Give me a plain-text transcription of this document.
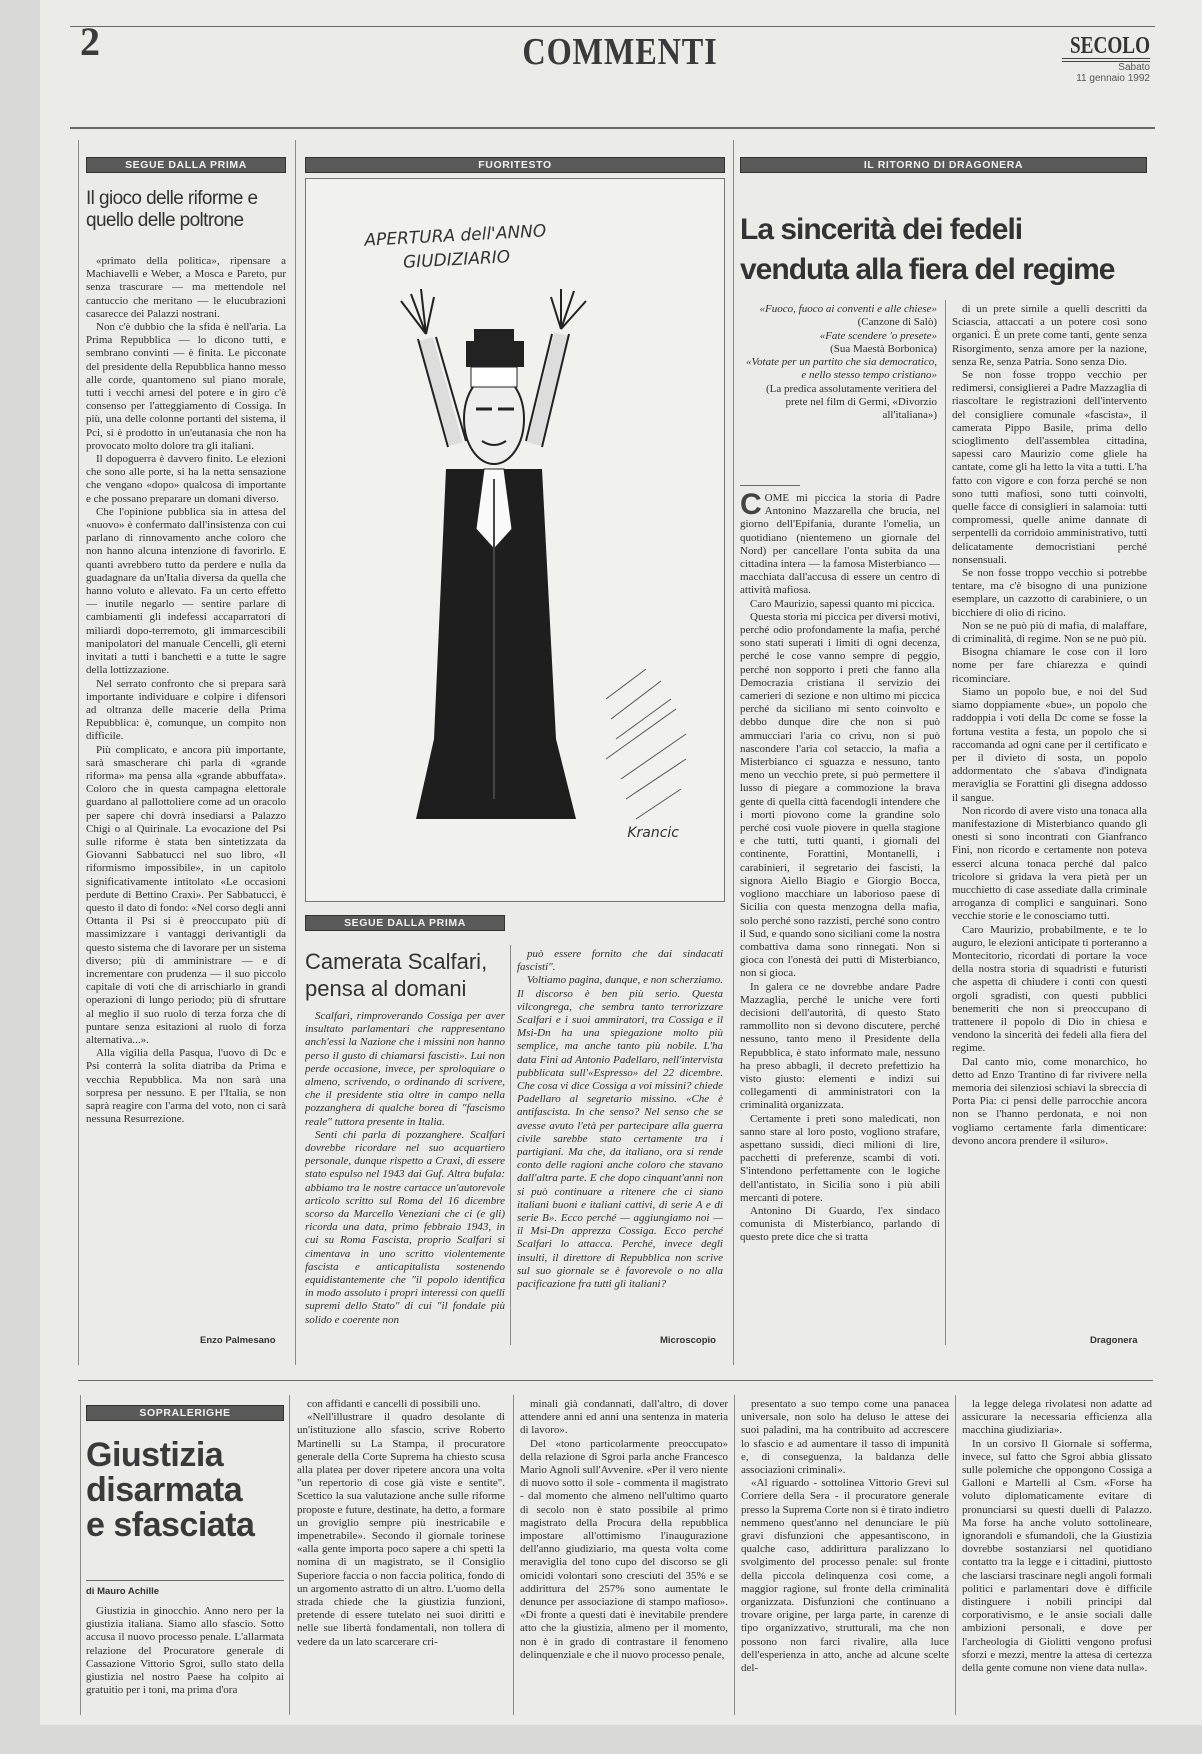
2	COMMENTI	SECOLO
Sabato
11 gennaio 1992
SEGUE DALLA PRIMA
Il gioco delle riforme e quello delle poltrone

«primato della politica», ripensare a Machiavelli e Weber, a Mosca e Pareto, pur senza trascurare — ma mettendole nel cantuccio che meritano — le elucubrazioni casarecce dei Palazzi nostrani.

Non c'è dubbio che la sfida è nell'aria. La Prima Repubblica — lo dicono tutti, e sembrano convinti — è finita. Le picconate del presidente della Repubblica hanno messo alle corde, quantomeno sul piano morale, tutti i vecchi arnesi del potere e in giro c'è consenso per l'atteggiamento di Cossiga. In più, una delle colonne portanti del sistema, il Pci, si è prodotto in un'eutanasia che non ha provocato molto dolore tra gli italiani.

Il dopoguerra è davvero finito. Le elezioni che sono alle porte, si ha la netta sensazione che vengano «dopo» qualcosa di importante e che possano preparare un domani diverso.

Che l'opinione pubblica sia in attesa del «nuovo» è confermato dall'insistenza con cui parlano di rinnovamento anche coloro che non hanno alcuna intenzione di favorirlo. E quanti avrebbero tutto da perdere e nulla da guadagnare da un'Italia diversa da quella che hanno voluto e allevato. Fa un certo effetto — inutile negarlo — sentire parlare di cambiamenti gli indefessi accaparratori di miliardi dopo-terremoto, gli immarcescibili manipolatori del manuale Cencelli, gli eterni invitati a tutti i banchetti e a tutte le sagre della lottizzazione.

Nel serrato confronto che si prepara sarà importante individuare e colpire i difensori ad oltranza delle macerie della Prima Repubblica: è, comunque, un compito non difficile.

Più complicato, e ancora più importante, sarà smascherare chi parla di «grande riforma» ma pensa alla «grande abbuffata». Coloro che in questa campagna elettorale guardano al pallottoliere come ad un oracolo per sapere chi dovrà insediarsi a Palazzo Chigi o al Quirinale. La evocazione del Psi sulle riforme è stata ben sintetizzata da Giovanni Sabbatucci nel suo libro, «Il riformismo impossibile», in un capitolo significativamente intitolato «Le occasioni perdute di Bettino Craxi». Per Sabbatucci, è questo il dato di fondo: «Nel corso degli anni Ottanta il Psi si è preoccupato più di massimizzare i vantaggi derivantigli da questo sistema che di lavorare per un sistema diverso; più di amministrare — e di incrementare con prudenza — il suo piccolo capitale di voti che di arrischiarlo in grandi operazioni di lungo periodo; più di sfruttare al meglio il suo ruolo di terza forza che di puntare senza esitazioni al ruolo di forza alternativa...».

Alla vigilia della Pasqua, l'uovo di Dc e Psi conterrà la solita diatriba da Prima e vecchia Repubblica. Ma non sarà una sorpresa per nessuno. E per l'Italia, se non saprà reagire con l'arma del voto, non ci sarà nessuna Resurrezione.

Enzo Palmesano
FUORITESTO
APERTURA dell'ANNO
GIUDIZIARIO
Krancic
SEGUE DALLA PRIMA
Camerata Scalfari,
pensa al domani

Scalfari, rimproverando Cossiga per aver insultato parlamentari che rappresentano anch'essi la Nazione che i missini non hanno perso il gusto di chiamarsi fascisti». Lui non perde occasione, invece, per sproloquiare o almeno, scrivendo, o ordinando di scrivere, che il presidente stia oltre in campo nella pozzanghera di qualche borea di "fascismo reale" tuttora presente in Italia.

Senti chi parla di pozzanghere. Scalfari dovrebbe ricordare nel suo acquartiero personale, dunque rispetto a Craxi, di essere stato espulso nel 1943 dai Guf. Altra bufala: abbiamo tra le nostre cartacce un'autorevole articolo scritto sul Roma del 16 dicembre scorso da Marcello Veneziani che ci (e gli) ricorda una data, primo febbraio 1943, in cui su Roma Fascista, proprio Scalfari si cimentava in uno scritto violentemente fascista e anticapitalista sostenendo equidistantemente che "il popolo identifica in modo assoluto i propri interessi con quelli supremi dello Stato" di cui "il fondale più solido e coerente non

può essere fornito che dai sindacati fascisti".

Voltiamo pagina, dunque, e non scherziamo. Il discorso è ben più serio. Questa vilcongrega, che sembra tanto terrorizzare Scalfari e i suoi ammiratori, tra Cossiga e il Msi-Dn ha una spiegazione molto più semplice, ma anche tanto più nobile. L'ha data Fini ad Antonio Padellaro, nell'intervista pubblicata sull'«Espresso» del 22 dicembre. Che cosa vi dice Cossiga a voi missini? chiede Padellaro al segretario missino. «Che è antifascista. In che senso? Nel senso che se avesse avuto l'età per partecipare alla guerra civile sarebbe stato certamente tra i partigiani. Ma che, da italiano, ora si rende conto delle ragioni anche coloro che stavano dall'altra parte. E che dopo cinquant'anni non si può continuare a ritenere che ci siano italiani buoni e italiani cattivi, di serie A e di serie B». Ecco perché — aggiungiamo noi — il Msi-Dn apprezza Cossiga. Ecco perché Scalfari lo attacca. Perché, invece degli insulti, il direttore di Repubblica non scrive sul suo giornale se è favorevole o no alla pacificazione fra tutti gli italiani?

Microscopio
IL RITORNO DI DRAGONERA
La sincerità dei fedeli
venduta alla fiera del regime
«Fuoco, fuoco ai conventi e alle chiese»
(Canzone di Salò)
«Fate scendere 'o presete»
(Sua Maestà Borbonica)
«Votate per un partito che sia democratico, e nello stesso tempo cristiano»
(La predica assolutamente veritiera del prete nel film di Germi, «Divorzio all'italiana»)
C OME mi piccica la storia di Padre Antonino Mazzarella che brucia, nel giorno dell'Epifania, durante l'omelia, un quotidiano (nientemeno un giornale del Nord) per cancellare l'onta subìta da una cittadina intera — la famosa Misterbianco — macchiata dall'accusa di essere un centro di attività mafiosa.

Caro Maurizio, sapessi quanto mi piccica.

Questa storia mi piccica per diversi motivi, perché odio profondamente la mafia, perché sono stati superati i limiti di ogni decenza, perché le cose vanno sempre di peggio, perché non sopporto i preti che fanno alla Democrazia cristiana il servizio dei camerieri di sezione e non ultimo mi piccica perché da siciliano mi sento coinvolto e debbo dunque dire che non si può ammucciari l'aria co crivu, non si può nascondere l'aria col setaccio, la mafia a Misterbianco ci sguazza e nessuno, tanto meno un vecchio prete, si può permettere il lusso di piegare a commozione la brava gente di quella città facendogli intendere che i morti piovono come la grandine solo perché così vuole piovere in quella stagione e che tutti, tutti quanti, i giornali del continente, Forattini, Montanelli, i carabinieri, il segretario dei fascisti, la signora Aiello Biagio e Giorgio Bocca, vogliono macchiare un laborioso paese di Sicilia con questa menzogna della mafia, solo perché sono razzisti, perché sono contro il Sud, e quando sono siciliani come la nostra combattiva dama sono rinnegati. Non si gioca con l'onestà dei putti di Misterbianco, non si gioca.

In galera ce ne dovrebbe andare Padre Mazzaglia, perché le uniche vere forti decisioni dell'autorità, di questo Stato rammollito non si devono discutere, perché nessuno, tanto meno il Presidente della Repubblica, è stato informato male, nessuno ha preso abbagli, il decreto prefettizio ha visto giusto: elementi e indizi sui collegamenti di amministratori con la criminalità organizzata.

Certamente i preti sono maledicati, non sanno stare al loro posto, vogliono strafare, aspettano sussidi, dieci milioni di lire, pacchetti di preferenze, scambi di voti. S'intendono perfettamente con le logiche dell'antistato, in Sicilia sono i più abili mercanti di potere.

Antonino Di Guardo, l'ex sindaco comunista di Misterbianco, parlando di questo prete dice che si tratta

di un prete simile a quelli descritti da Sciascia, attaccati a un potere così sono organici. È un prete come tanti, gente senza Risorgimento, senza amore per la nazione, senza Re, senza Patria. Sono senza Dio.

Se non fosse troppo vecchio per redimersi, consiglierei a Padre Mazzaglia di riascoltare le registrazioni dell'intervento del consigliere comunale «fascista», il camerata Pippo Basile, prima dello scioglimento dell'assemblea cittadina, sapessi caro Maurizio come gliele ha cantate, come gli ha letto la vita a tutti. L'ha fatto con vigore e con forza perché se non sono tutti mafiosi, sono tutti coinvolti, quelle facce di consiglieri in salamoia: tutti compromessi, quelle anime dannate di serpentelli da corridoio amministrativo, tutti delicatamente democristiani perché nonsensuali.

Se non fosse troppo vecchio si potrebbe tentare, ma c'è bisogno di una punizione esemplare, un cazzotto di carabiniere, o un bicchiere di olio di ricino.

Non se ne può più di mafia, di malaffare, di criminalità, di regime. Non se ne può più.

Bisogna chiamare le cose con il loro nome per fare chiarezza e quindi ricominciare.

Siamo un popolo bue, e noi del Sud siamo doppiamente «bue», un popolo che raddoppia i voti della Dc come se fosse la fortuna vestita a festa, un popolo che si raccomanda ad ogni cane per il certificato e per il divieto di sosta, un popolo addormentato che s'abava d'indignata meraviglia se Forattini gli disegna addosso il sangue.

Non ricordo di avere visto una tonaca alla manifestazione di Misterbianco quando gli onesti si sono incontrati con Gianfranco Fini, non ricordo e certamente non poteva esserci alcuna tonaca perché dal palco tricolore si gridava la vera pietà per un mucchietto di case assediate dalla criminale arroganza di complici e sanguinari. Sono vecchie storie e le conosciamo tutti.

Caro Maurizio, probabilmente, e te lo auguro, le elezioni anticipate ti porteranno a Montecitorio, ricordati di portare la voce della nostra storia di squadristi e futuristi che aspetta di chiudere i conti con questi orgoli sgradisti, con questi pubblici benemeriti che non si preoccupano di trattenere il popolo di Dio in chiesa e vendono la sincerità dei fedeli alla fiera del regime.

Dal canto mio, come monarchico, ho detto ad Enzo Trantino di far rivivere nella memoria dei silenziosi schiavi la sbreccia di Porta Pia: ci pensi delle parrocchie ancora non se l'hanno perdonata, e noi non vogliamo certamente farla dimenticare: devono ancora prendere il «siluro».

Dragonera
SOPRALERIGHE
Giustizia
disarmata
e sfasciata
di Mauro Achille

Giustizia in ginocchio. Anno nero per la giustizia italiana. Siamo allo sfascio. Sotto accusa il nuovo processo penale. L'allarmata relazione del Procuratore generale di Cassazione Vittorio Sgroi, sullo stato della giustizia nel nostro Paese ha colpito ai gratuitio per i toni, ma prima d'ora

con affidanti e cancelli di possibili uno.

«Nell'illustrare il quadro desolante di un'istituzione allo sfascio, scrive Roberto Martinelli su La Stampa, il procuratore generale della Corte Suprema ha chiesto scusa alla platea per dover ripetere ancora una volta "un repertorio di cose già viste e sentite". Scettico la sua valutazione anche sulle riforme proposte e future, destinate, ha detto, a formare un groviglio sempre più inestricabile e impenetrabile». Secondo il giornale torinese «alla gente importa poco sapere a chi spetti la nomina di un magistrato, se il Consiglio Superiore faccia o non faccia politica, fondo di un argomento astratto di un altro. L'uomo della strada chiede che la giustizia funzioni, pretende di essere tutelato nei suoi diritti e nelle sue libertà fondamentali, non tollera di vedere da un lato scarcerare cri-

minali già condannati, dall'altro, di dover attendere anni ed anni una sentenza in materia di lavoro».

Del «tono particolarmente preoccupato» della relazione di Sgroi parla anche Francesco Mario Agnoli sull'Avvenire. «Per il vero niente di nuovo sotto il sole - commenta il magistrato - dal momento che almeno nell'ultimo quarto di secolo non è stato possibile al primo magistrato della Procura della repubblica impostare all'ottimismo l'inaugurazione dell'anno giudiziario, ma questa volta come meraviglia del tono cupo del discorso se gli omicidi volontari sono cresciuti del 35% e se addirittura del 257% sono aumentate le denunce per associazione di stampo mafioso». «Di fronte a questi dati è inevitabile prendere atto che la giustizia, almeno per il momento, non è in grado di contrastare il fenomeno delinquenziale e che il nuovo processo penale,

presentato a suo tempo come una panacea universale, non solo ha deluso le attese dei suoi paladini, ma ha contribuito ad accrescere lo sfascio e ad aumentare il tasso di impunità e, di conseguenza, la baldanza delle associazioni criminali».

«Al riguardo - sottolinea Vittorio Grevi sul Corriere della Sera - il procuratore generale presso la Suprema Corte non si è tirato indietro nemmeno quest'anno nel denunciare le più gravi disfunzioni che appesantiscono, in qualche caso, addirittura paralizzano lo svolgimento del processo penale: sul fronte della piccola delinquenza così come, a maggior ragione, sul fronte della criminalità organizzata. Disfunzioni che continuano a trovare origine, per larga parte, in carenze di tipo organizzativo, strutturali, ma che non possono non farci rivalire, alla luce dell'esperienza in atto, anche ad alcune scelte del-

la legge delega rivolatesi non adatte ad assicurare la necessaria efficienza alla macchina giudiziaria».

In un corsivo Il Giornale si sofferma, invece, sul fatto che Sgroi abbia glissato sulle polemiche che oppongono Cossiga a Galloni e Martelli al Csm. «Forse ha voluto diplomaticamente evitare di pronunciarsi su questi duelli di Palazzo. Ma forse ha anche voluto sottolineare, ignorandoli e sfumandoli, che la Giustizia dovrebbe sostanziarsi nel quotidiano contatto tra la legge e i cittadini, piuttosto che lasciarsi trascinare negli angoli formali politici e parlamentari dove è difficile distinguere i nobili principi dal corporativismo, e le ansie sociali dalle ambizioni personali, e dove per l'archeologia di Giolitti vengono profusi sforzi e mezzi, mentre la attesa di certezza della gente comune non viene data nulla».
